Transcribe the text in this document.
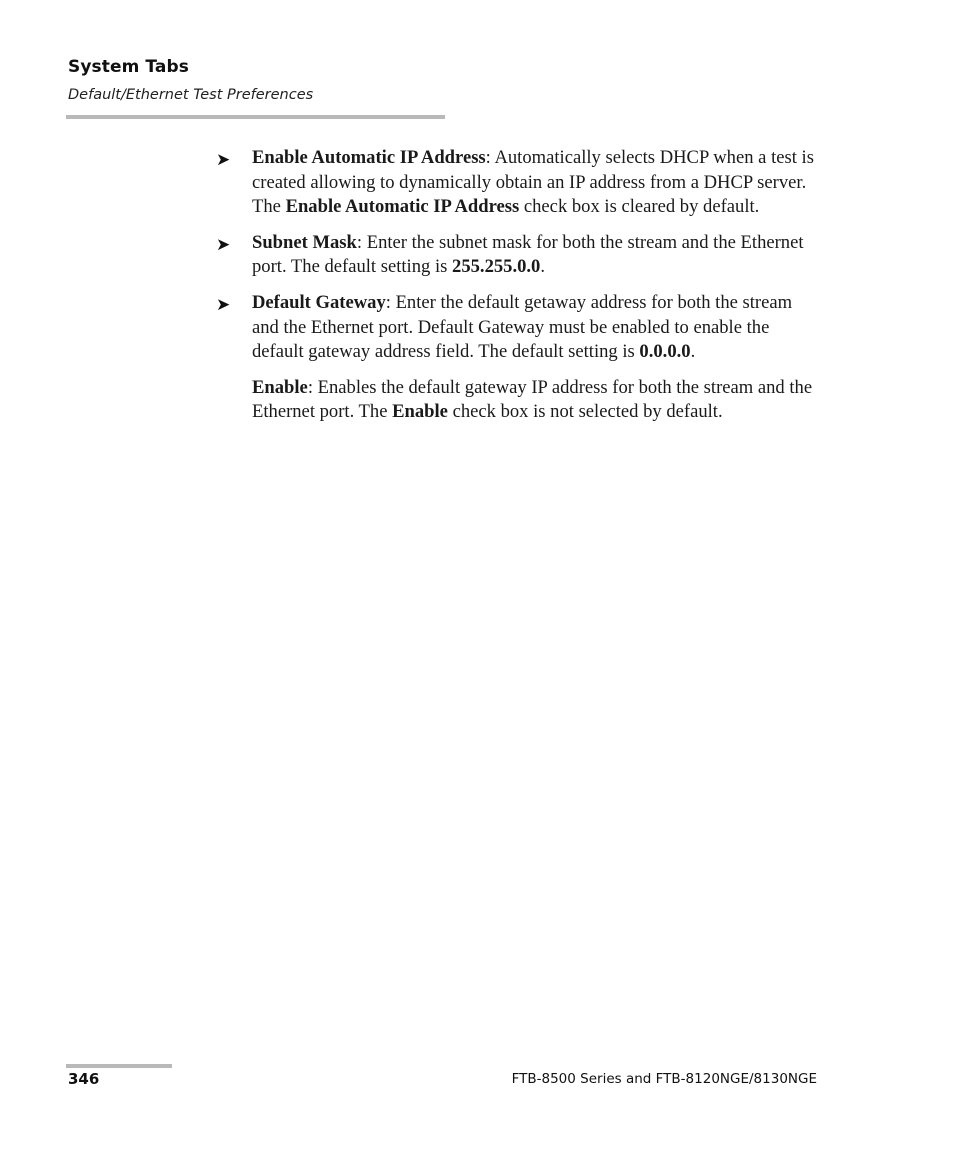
System Tabs
Default/Ethernet Test Preferences
➤	Enable Automatic IP Address: Automatically selects DHCP when a test is created allowing to dynamically obtain an IP address from a DHCP server. The Enable Automatic IP Address check box is cleared by default.
➤	Subnet Mask: Enter the subnet mask for both the stream and the Ethernet port. The default setting is 255.255.0.0.
➤	Default Gateway: Enter the default getaway address for both the stream and the Ethernet port. Default Gateway must be enabled to enable the default gateway address field. The default setting is 0.0.0.0.
Enable: Enables the default gateway IP address for both the stream and the Ethernet port. The Enable check box is not selected by default.
346	FTB-8500 Series and FTB-8120NGE/8130NGE
